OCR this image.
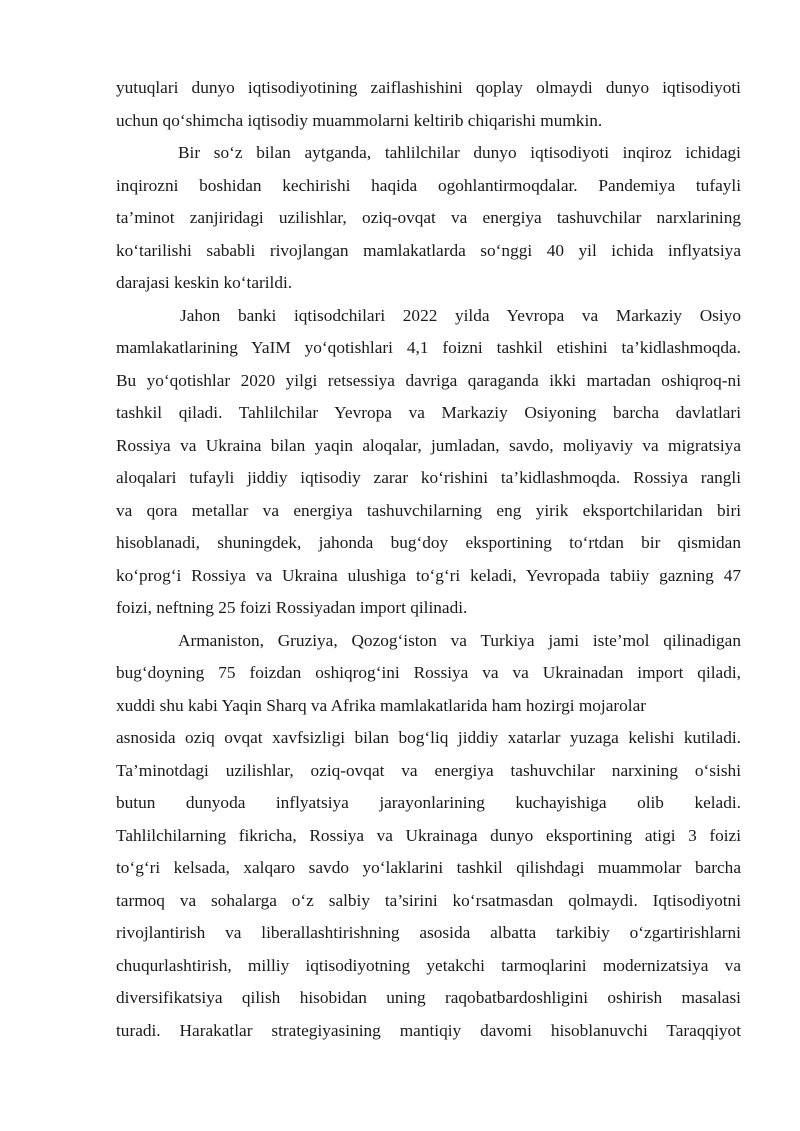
yutuqlari dunyo iqtisodiyotining zaiflashishini qoplay olmaydi dunyo iqtisodiyoti
uchun qo‘shimcha iqtisodiy muammolarni keltirib chiqarishi mumkin.

Bir so‘z bilan aytganda, tahlilchilar dunyo iqtisodiyoti inqiroz ichidagi
inqirozni boshidan kechirishi haqida ogohlantirmoqdalar. Pandemiya tufayli
ta’minot zanjiridagi uzilishlar, oziq-ovqat va energiya tashuvchilar narxlarining
ko‘tarilishi sababli rivojlangan mamlakatlarda so‘nggi 40 yil ichida inflyatsiya
darajasi keskin ko‘tarildi.

Jahon banki iqtisodchilari 2022 yilda Yevropa va Markaziy Osiyo
mamlakatlarining YaIM yo‘qotishlari 4,1 foizni tashkil etishini ta’kidlashmoqda.
Bu yo‘qotishlar 2020 yilgi retsessiya davriga qaraganda ikki martadan oshiqroq-ni
tashkil qiladi. Tahlilchilar Yevropa va Markaziy Osiyoning barcha davlatlari
Rossiya va Ukraina bilan yaqin aloqalar, jumladan, savdo, moliyaviy va migratsiya
aloqalari tufayli jiddiy iqtisodiy zarar ko‘rishini ta’kidlashmoqda. Rossiya rangli
va qora metallar va energiya tashuvchilarning eng yirik eksportchilaridan biri
hisoblanadi, shuningdek, jahonda bug‘doy eksportining to‘rtdan bir qismidan
ko‘prog‘i Rossiya va Ukraina ulushiga to‘g‘ri keladi, Yevropada tabiiy gazning 47
foizi, neftning 25 foizi Rossiyadan import qilinadi.

Armaniston, Gruziya, Qozog‘iston va Turkiya jami iste’mol qilinadigan
bug‘doyning 75 foizdan oshiqrog‘ini Rossiya va va Ukrainadan import qiladi,
xuddi shu kabi Yaqin Sharq va Afrika mamlakatlarida ham hozirgi mojarolar
asnosida oziq ovqat xavfsizligi bilan bog‘liq jiddiy xatarlar yuzaga kelishi kutiladi.
Ta’minotdagi uzilishlar, oziq-ovqat va energiya tashuvchilar narxining o‘sishi
butun dunyoda inflyatsiya jarayonlarining kuchayishiga olib keladi.
Tahlilchilarning fikricha, Rossiya va Ukrainaga dunyo eksportining atigi 3 foizi
to‘g‘ri kelsada, xalqaro savdo yo‘laklarini tashkil qilishdagi muammolar barcha
tarmoq va sohalarga o‘z salbiy ta’sirini ko‘rsatmasdan qolmaydi. Iqtisodiyotni
rivojlantirish va liberallashtirishning asosida albatta tarkibiy o‘zgartirishlarni
chuqurlashtirish, milliy iqtisodiyotning yetakchi tarmoqlarini modernizatsiya va
diversifikatsiya qilish hisobidan uning raqobatbardoshligini oshirish masalasi
turadi. Harakatlar strategiyasining mantiqiy davomi hisoblanuvchi Taraqqiyot
